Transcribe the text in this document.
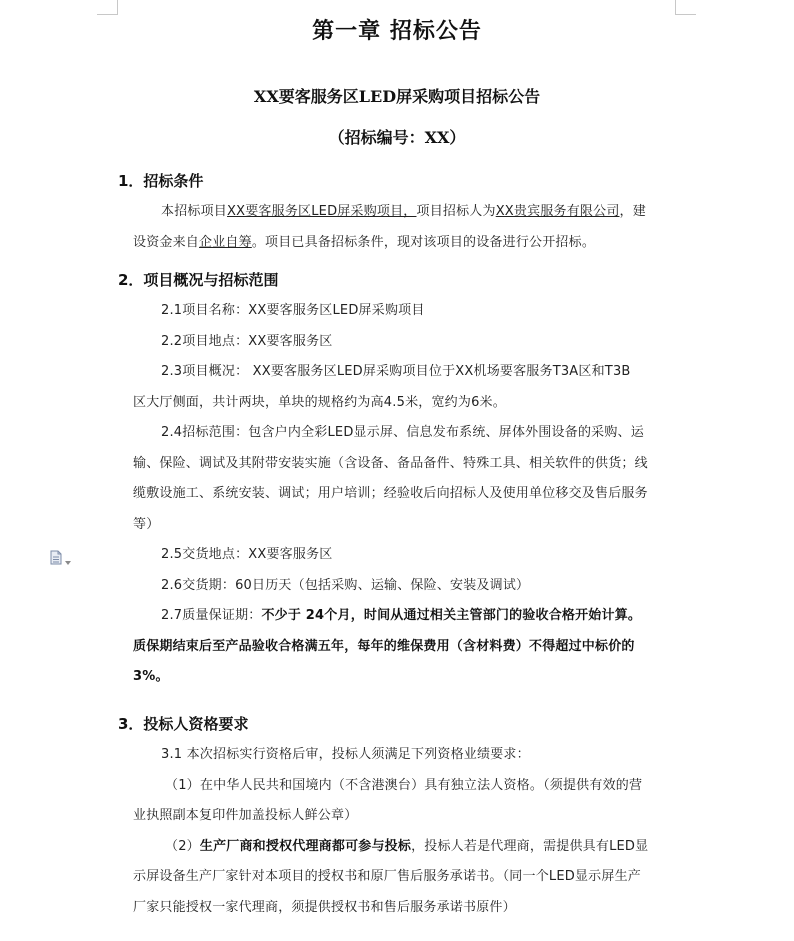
第一章 招标公告
XX要客服务区LED屏采购项目招标公告
（招标编号：XX）
1．招标条件
本招标项目XX要客服务区LED屏采购项目，项目招标人为XX贵宾服务有限公司，建
设资金来自企业自筹。项目已具备招标条件，现对该项目的设备进行公开招标。
2．项目概况与招标范围
2.1项目名称：XX要客服务区LED屏采购项目
2.2项目地点：XX要客服务区
2.3项目概况： XX要客服务区LED屏采购项目位于XX机场要客服务T3A区和T3B
区大厅侧面，共计两块，单块的规格约为高4.5米，宽约为6米。
2.4招标范围：包含户内全彩LED显示屏、信息发布系统、屏体外围设备的采购、运
输、保险、调试及其附带安装实施（含设备、备品备件、特殊工具、相关软件的供货；线
缆敷设施工、系统安装、调试；用户培训；经验收后向招标人及使用单位移交及售后服务
等）
2.5交货地点：XX要客服务区
2.6交货期：60日历天（包括采购、运输、保险、安装及调试）
2.7质量保证期：不少于 24个月，时间从通过相关主管部门的验收合格开始计算。
质保期结束后至产品验收合格满五年，每年的维保费用（含材料费）不得超过中标价的
3%。
3．投标人资格要求
3.1 本次招标实行资格后审，投标人须满足下列资格业绩要求：
（1）在中华人民共和国境内（不含港澳台）具有独立法人资格。（须提供有效的营
业执照副本复印件加盖投标人鲜公章）
（2）生产厂商和授权代理商都可参与投标，投标人若是代理商，需提供具有LED显
示屏设备生产厂家针对本项目的授权书和原厂售后服务承诺书。（同一个LED显示屏生产
厂家只能授权一家代理商，须提供授权书和售后服务承诺书原件）
